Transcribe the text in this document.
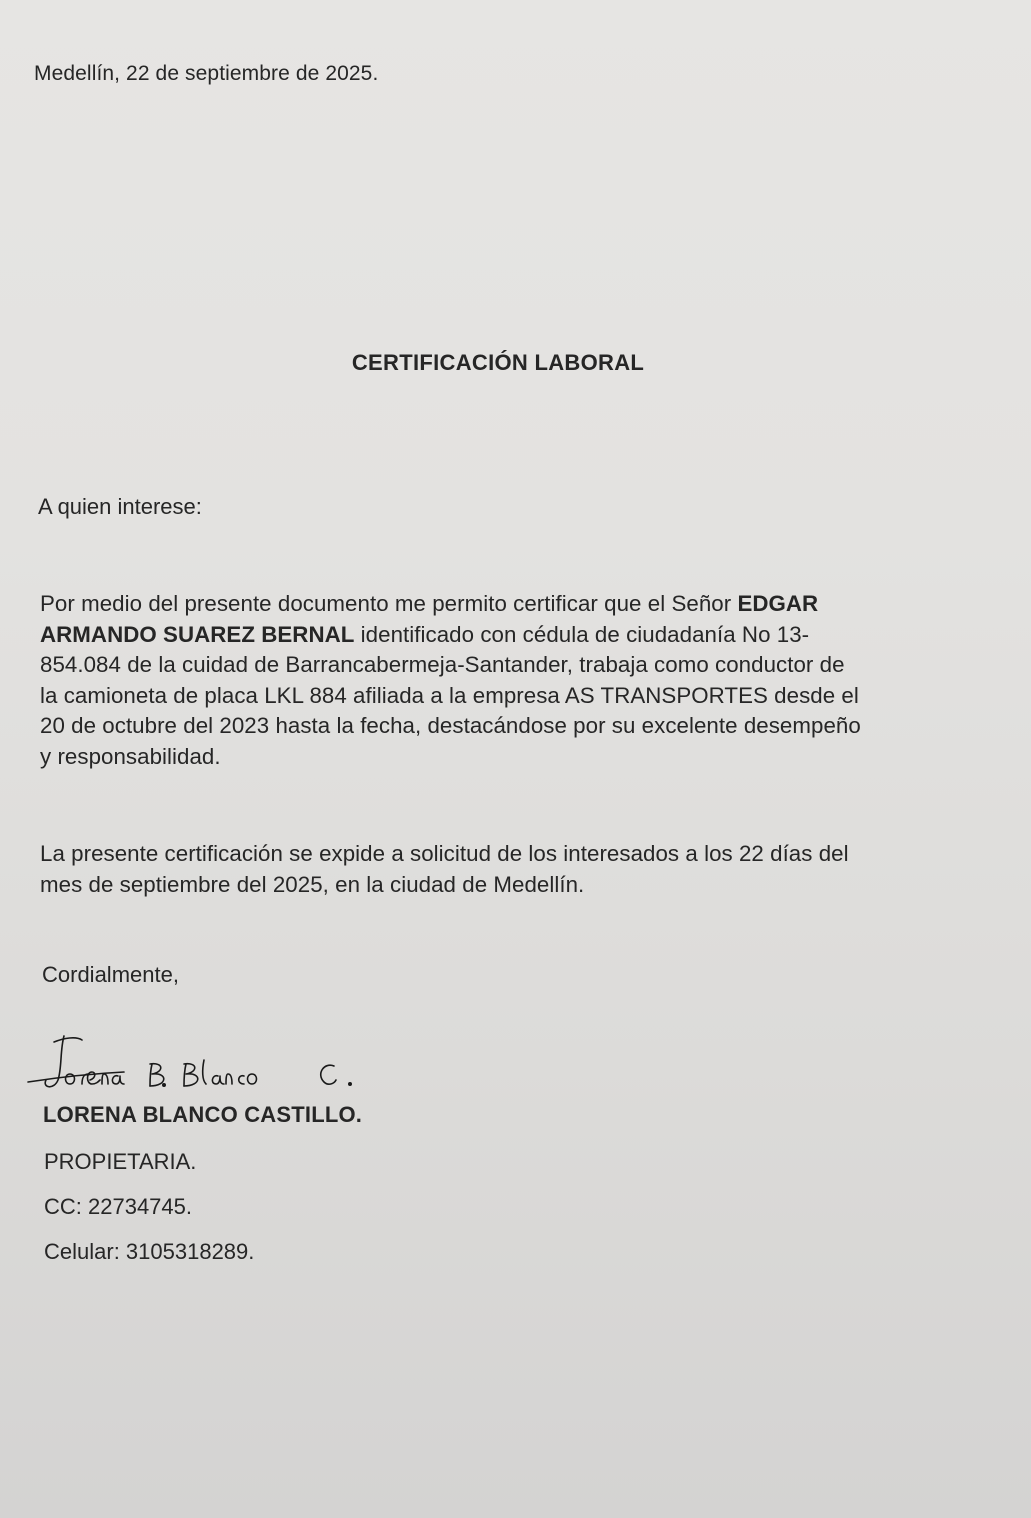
Medellín, 22 de septiembre de 2025.
CERTIFICACIÓN LABORAL
A quien interese:
Por medio del presente documento me permito certificar que el Señor EDGAR
ARMANDO SUAREZ BERNAL identificado con cédula de ciudadanía No 13-
854.084 de la cuidad de Barrancabermeja-Santander, trabaja como conductor de
la camioneta de placa LKL 884 afiliada a la empresa AS TRANSPORTES desde el
20 de octubre del 2023 hasta la fecha, destacándose por su excelente desempeño
y responsabilidad.
La presente certificación se expide a solicitud de los interesados a los 22 días del
mes de septiembre del 2025, en la ciudad de Medellín.
Cordialmente,
LORENA BLANCO CASTILLO.
PROPIETARIA.
CC: 22734745.
Celular: 3105318289.
